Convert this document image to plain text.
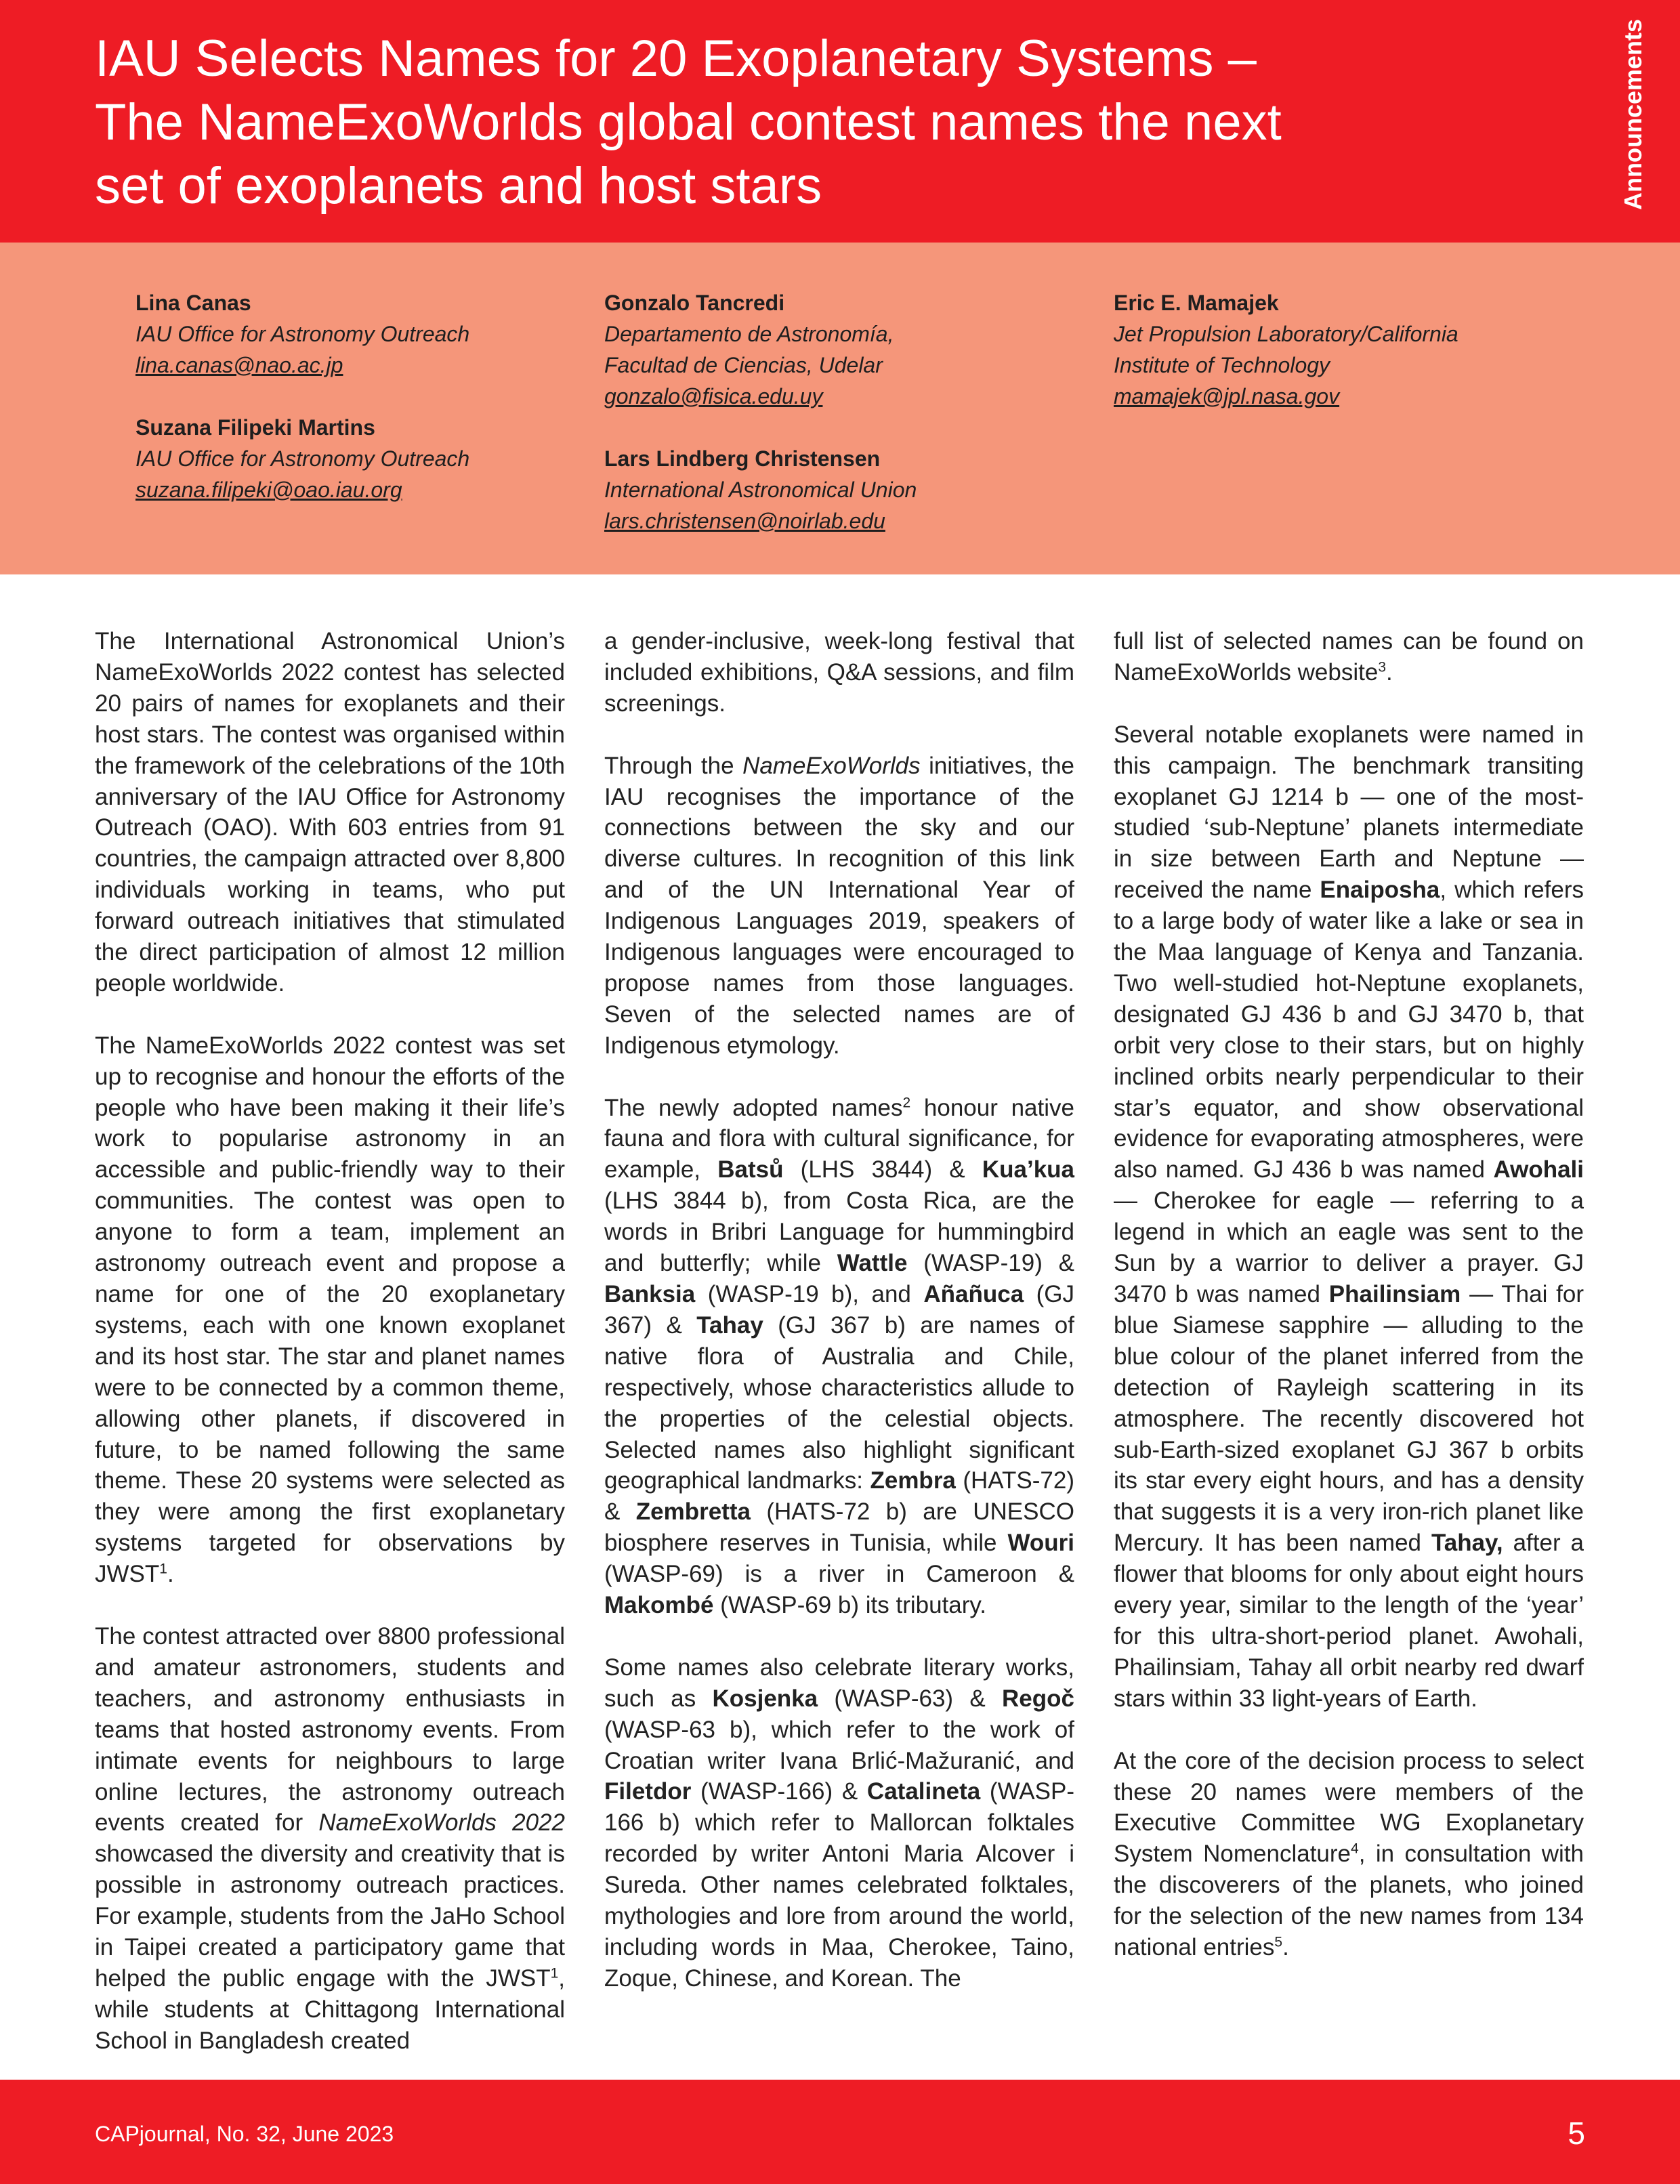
IAU Selects Names for 20 Exoplanetary Systems –
The NameExoWorlds global contest names the next
set of exoplanets and host stars	Announcements
Lina Canas
IAU Office for Astronomy Outreach
lina.canas@nao.ac.jp
Suzana Filipeki Martins
IAU Office for Astronomy Outreach
suzana.filipeki@oao.iau.org
Gonzalo Tancredi
Departamento de Astronomía,
Facultad de Ciencias, Udelar
gonzalo@fisica.edu.uy
Lars Lindberg Christensen
International Astronomical Union
lars.christensen@noirlab.edu
Eric E. Mamajek
Jet Propulsion Laboratory/California
Institute of Technology
mamajek@jpl.nasa.gov

The International Astronomical Union’s NameExoWorlds 2022 contest has selected 20 pairs of names for exoplanets and their host stars. The contest was organised within the framework of the celebrations of the 10th anniversary of the IAU Office for Astronomy Outreach (OAO). With 603 entries from 91 countries, the campaign attracted over 8,800 individuals working in teams, who put forward outreach initiatives that stimulated the direct participation of almost 12 million people worldwide.

The NameExoWorlds 2022 contest was set up to recognise and honour the efforts of the people who have been making it their life’s work to popularise astronomy in an accessible and public-friendly way to their communities. The contest was open to anyone to form a team, implement an astronomy outreach event and propose a name for one of the 20 exoplanetary systems, each with one known exoplanet and its host star. The star and planet names were to be connected by a common theme, allowing other planets, if discovered in future, to be named following the same theme. These 20 systems were selected as they were among the first exoplanetary systems targeted for observations by JWST$^1$.

The contest attracted over 8800 professional and amateur astronomers, students and teachers, and astronomy enthusiasts in teams that hosted astronomy events. From intimate events for neighbours to large online lectures, the astronomy outreach events created for NameExoWorlds 2022 showcased the diversity and creativity that is possible in astronomy outreach practices. For example, students from the JaHo School in Taipei created a participatory game that helped the public engage with the JWST$^1$, while students at Chittagong International School in Bangladesh created

a gender-inclusive, week-long festival that included exhibitions, Q&A sessions, and film screenings.

Through the NameExoWorlds initiatives, the IAU recognises the importance of the connections between the sky and our diverse cultures. In recognition of this link and of the UN International Year of Indigenous Languages 2019, speakers of Indigenous languages were encouraged to propose names from those languages. Seven of the selected names are of Indigenous etymology.

The newly adopted names$^2$ honour native fauna and flora with cultural significance, for example, Batsů (LHS 3844) & Kua’kua (LHS 3844 b), from Costa Rica, are the words in Bribri Language for hummingbird and butterfly; while Wattle (WASP-19) & Banksia (WASP-19 b), and Añañuca (GJ 367) & Tahay (GJ 367 b) are names of native flora of Australia and Chile, respectively, whose characteristics allude to the properties of the celestial objects. Selected names also highlight significant geographical landmarks: Zembra (HATS-72) & Zembretta (HATS-72 b) are UNESCO biosphere reserves in Tunisia, while Wouri (WASP-69) is a river in Cameroon & Makombé (WASP-69 b) its tributary.

Some names also celebrate literary works, such as Kosjenka (WASP-63) & Regoč (WASP-63 b), which refer to the work of Croatian writer Ivana Brlić-Mažuranić, and Filetdor (WASP-166) & Catalineta (WASP-166 b) which refer to Mallorcan folktales recorded by writer Antoni Maria Alcover i Sureda. Other names celebrated folktales, mythologies and lore from around the world, including words in Maa, Cherokee, Taino, Zoque, Chinese, and Korean. The

full list of selected names can be found on NameExoWorlds website$^3$.

Several notable exoplanets were named in this campaign. The benchmark transiting exoplanet GJ 1214 b — one of the most-studied ‘sub-Neptune’ planets intermediate in size between Earth and Neptune — received the name Enaiposha, which refers to a large body of water like a lake or sea in the Maa language of Kenya and Tanzania. Two well-studied hot-Neptune exoplanets, designated GJ 436 b and GJ 3470 b, that orbit very close to their stars, but on highly inclined orbits nearly perpendicular to their star’s equator, and show observational evidence for evaporating atmospheres, were also named. GJ 436 b was named Awohali — Cherokee for eagle — referring to a legend in which an eagle was sent to the Sun by a warrior to deliver a prayer. GJ 3470 b was named Phailinsiam — Thai for blue Siamese sapphire — alluding to the blue colour of the planet inferred from the detection of Rayleigh scattering in its atmosphere. The recently discovered hot sub-Earth-sized exoplanet GJ 367 b orbits its star every eight hours, and has a density that suggests it is a very iron-rich planet like Mercury. It has been named Tahay, after a flower that blooms for only about eight hours every year, similar to the length of the ‘year’ for this ultra-short-period planet. Awohali, Phailinsiam, Tahay all orbit nearby red dwarf stars within 33 light-years of Earth.

At the core of the decision process to select these 20 names were members of the Executive Committee WG Exoplanetary System Nomenclature$^4$, in consultation with the discoverers of the planets, who joined for the selection of the new names from 134 national entries$^5$.

CAPjournal, No. 32, June 2023	5
